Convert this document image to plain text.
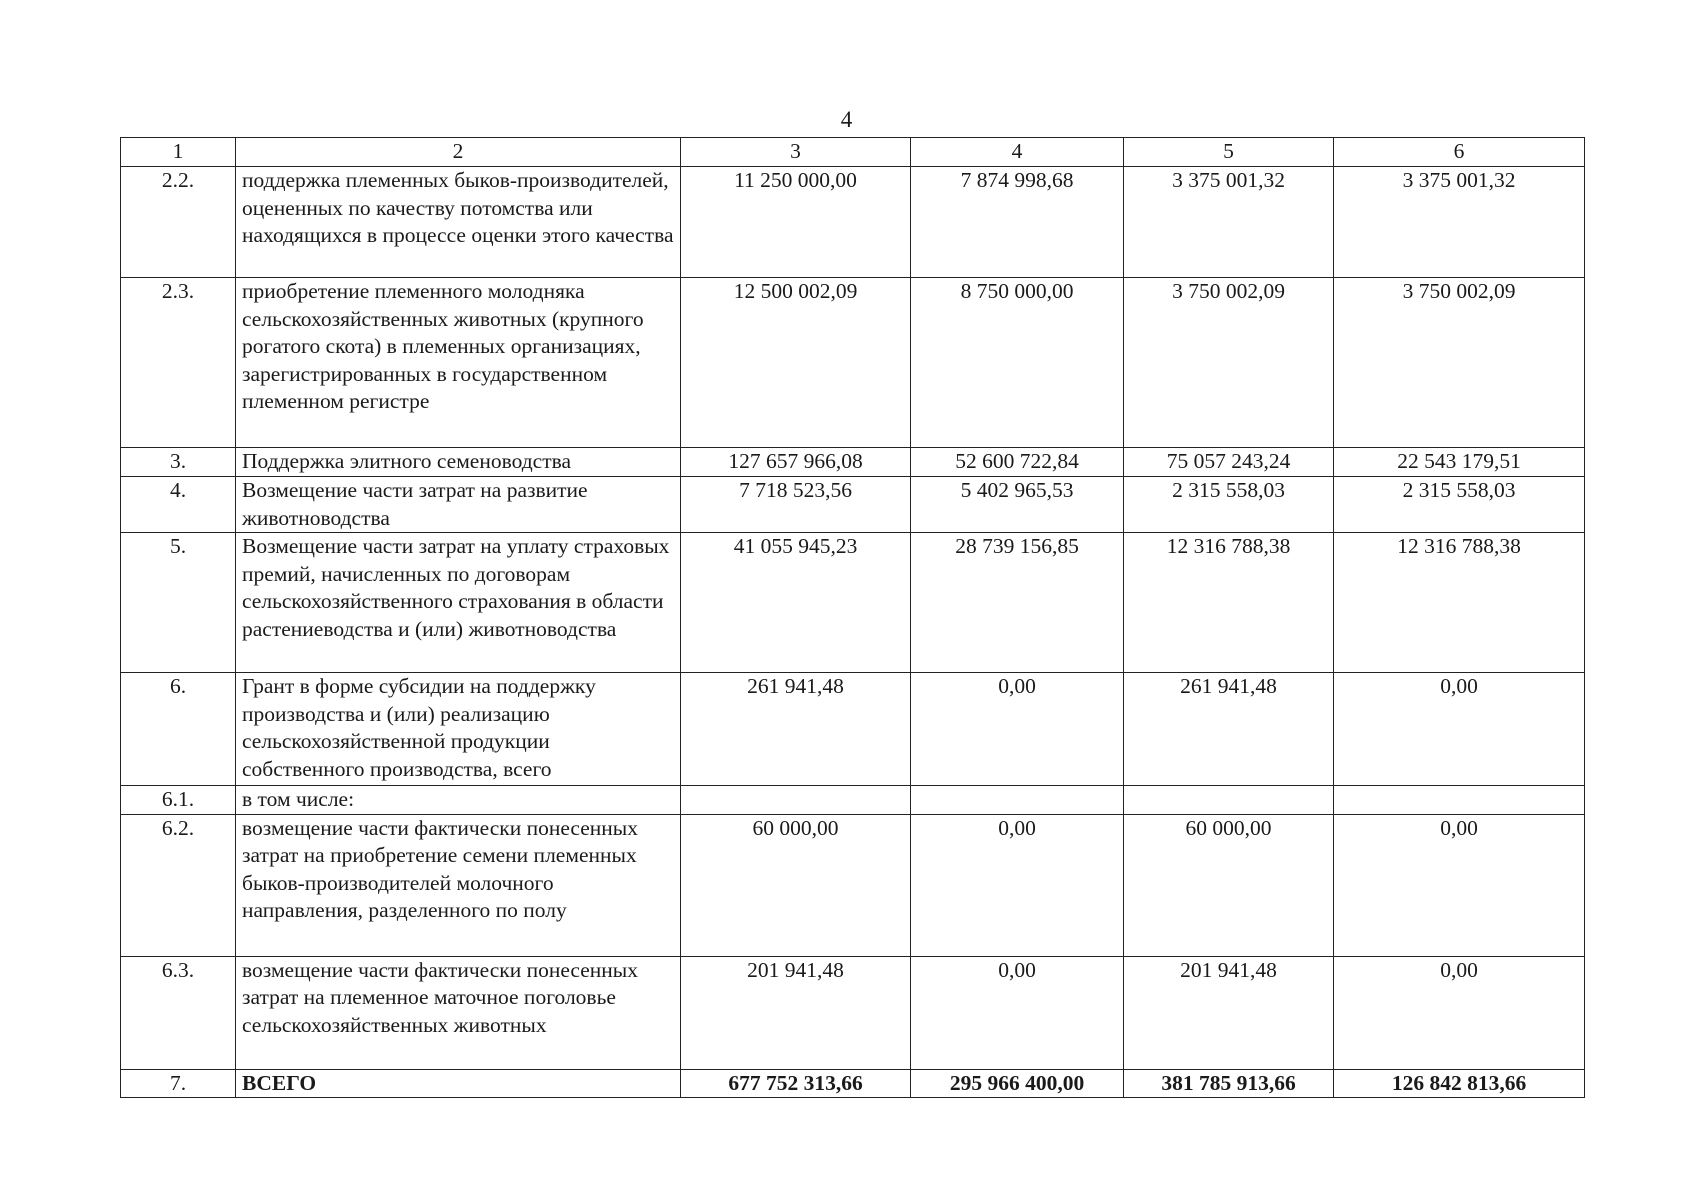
4
1	2	3	4	5	6
2.2.	поддержка племенных быков-производителей, оцененных по качеству потомства или находящихся в процессе оценки этого качества	11 250 000,00	7 874 998,68	3 375 001,32	3 375 001,32
2.3.	приобретение племенного молодняка сельскохозяйственных животных (крупного рогатого скота) в племенных организациях, зарегистрированных в государственном племенном регистре	12 500 002,09	8 750 000,00	3 750 002,09	3 750 002,09
3.	Поддержка элитного семеноводства	127 657 966,08	52 600 722,84	75 057 243,24	22 543 179,51
4.	Возмещение части затрат на развитие животноводства	7 718 523,56	5 402 965,53	2 315 558,03	2 315 558,03
5.	Возмещение части затрат на уплату страховых премий, начисленных по договорам сельскохозяйственного страхования в области растениеводства и (или) животноводства	41 055 945,23	28 739 156,85	12 316 788,38	12 316 788,38
6.	Грант в форме субсидии на поддержку производства и (или) реализацию сельскохозяйственной продукции собственного производства, всего	261 941,48	0,00	261 941,48	0,00
6.1.	в том числе:				
6.2.	возмещение части фактически понесенных затрат на приобретение семени племенных быков-производителей молочного направления, разделенного по полу	60 000,00	0,00	60 000,00	0,00
6.3.	возмещение части фактически понесенных затрат на племенное маточное поголовье сельскохозяйственных животных	201 941,48	0,00	201 941,48	0,00
7.	ВСЕГО	677 752 313,66	295 966 400,00	381 785 913,66	126 842 813,66
